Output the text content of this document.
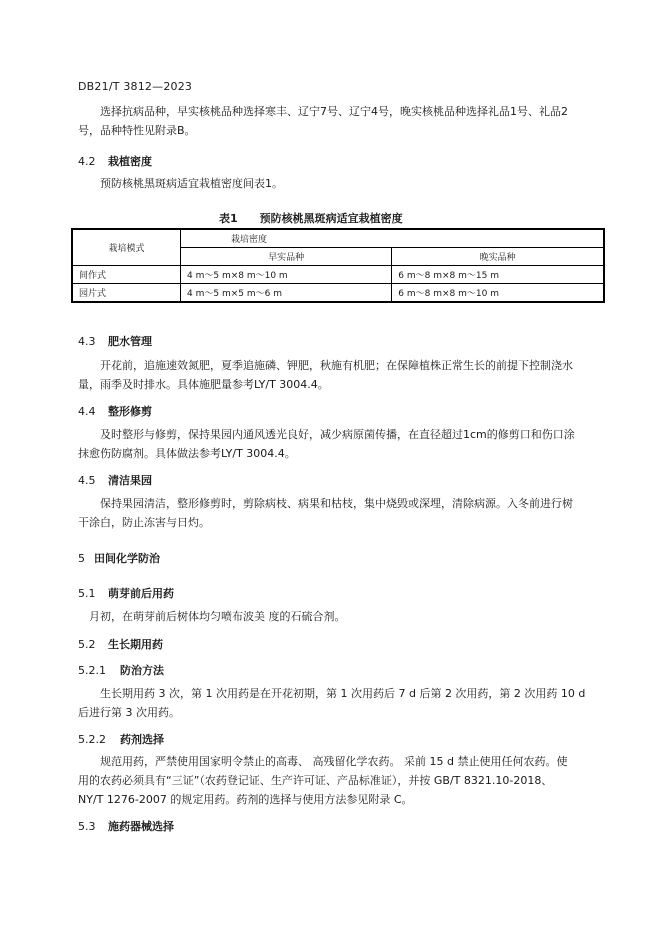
DB21/T 3812—2023
选择抗病品种，早实核桃品种选择寒丰、辽宁7号、辽宁4号，晚实核桃品种选择礼品1号、礼品2
号，品种特性见附录B。
4.2 栽植密度
预防核桃黑斑病适宜栽植密度间表1。
表1 预防核桃黑斑病适宜栽植密度
栽培模式	栽培密度	
	早实品种	晚实品种
间作式	4 m～5 m×8 m～10 m	6 m～8 m×8 m～15 m
园片式	4 m～5 m×5 m～6 m	6 m～8 m×8 m～10 m
4.3 肥水管理
开花前，追施速效氮肥，夏季追施磷、钾肥，秋施有机肥；在保障植株正常生长的前提下控制浇水
量，雨季及时排水。具体施肥量参考LY/T 3004.4。
4.4 整形修剪
及时整形与修剪，保持果园内通风透光良好，减少病原菌传播，在直径超过1cm的修剪口和伤口涂
抹愈伤防腐剂。具体做法参考LY/T 3004.4。
4.5 清洁果园
保持果园清洁，整形修剪时，剪除病枝、病果和枯枝，集中烧毁或深埋，清除病源。入冬前进行树
干涂白，防止冻害与日灼。
5 田间化学防治
5.1 萌芽前后用药
月初，在萌芽前后树体均匀喷布波美 度的石硫合剂。
5.2 生长期用药
5.2.1 防治方法
生长期用药 3 次，第 1 次用药是在开花初期，第 1 次用药后 7 d 后第 2 次用药，第 2 次用药 10 d
后进行第 3 次用药。
5.2.2 药剂选择
规范用药，严禁使用国家明令禁止的高毒、 高残留化学农药。 采前 15 d 禁止使用任何农药。使
用的农药必须具有“三证”（农药登记证、生产许可证、产品标准证），并按 GB/T 8321.10-2018、
NY/T 1276-2007 的规定用药。药剂的选择与使用方法参见附录 C。
5.3 施药器械选择
